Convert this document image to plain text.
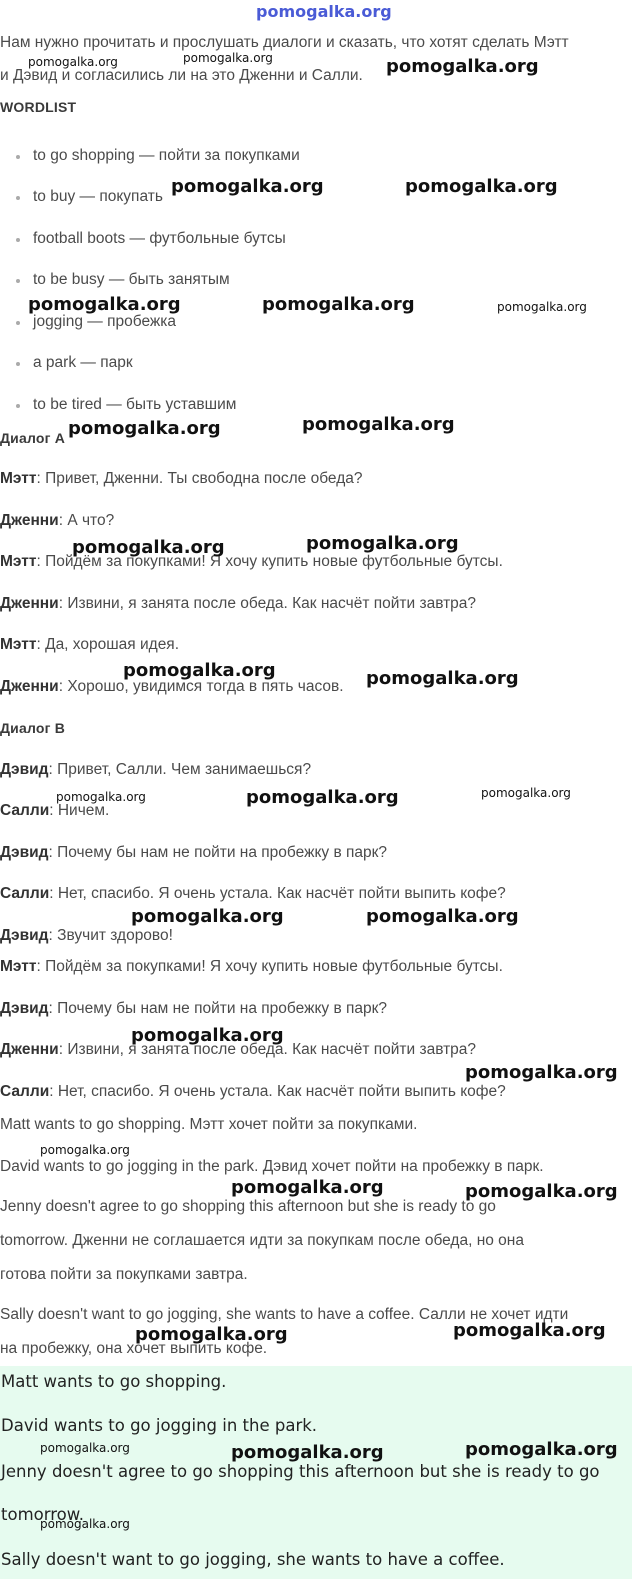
pomogalka.org
Нам нужно прочитать и прослушать диалоги и сказать, что хотят сделать Мэтт
и Дэвид и согласились ли на это Дженни и Салли.
WORDLIST
to go shopping — пойти за покупками
to buy — покупать
football boots — футбольные бутсы
to be busy — быть занятым
jogging — пробежка
a park — парк
to be tired — быть уставшим
Диалог А
Мэтт: Привет, Дженни. Ты свободна после обеда?
Дженни: А что?
Мэтт: Пойдём за покупками! Я хочу купить новые футбольные бутсы.
Дженни: Извини, я занята после обеда. Как насчёт пойти завтра?
Мэтт: Да, хорошая идея.
Дженни: Хорошо, увидимся тогда в пять часов.
Диалог В
Дэвид: Привет, Салли. Чем занимаешься?
Салли: Ничем.
Дэвид: Почему бы нам не пойти на пробежку в парк?
Салли: Нет, спасибо. Я очень устала. Как насчёт пойти выпить кофе?
Дэвид: Звучит здорово!
Мэтт: Пойдём за покупками! Я хочу купить новые футбольные бутсы.
Дэвид: Почему бы нам не пойти на пробежку в парк?
Дженни: Извини, я занята после обеда. Как насчёт пойти завтра?
Салли: Нет, спасибо. Я очень устала. Как насчёт пойти выпить кофе?
Matt wants to go shopping. Мэтт хочет пойти за покупками.
David wants to go jogging in the park. Дэвид хочет пойти на пробежку в парк.
Jenny doesn't agree to go shopping this afternoon but she is ready to go
tomorrow. Дженни не соглашается идти за покупкам после обеда, но она
готова пойти за покупками завтра.
Sally doesn't want to go jogging, she wants to have a coffee. Салли не хочет идти
на пробежку, она хочет выпить кофе.
Matt wants to go shopping.
David wants to go jogging in the park.
Jenny doesn't agree to go shopping this afternoon but she is ready to go
tomorrow.
Sally doesn't want to go jogging, she wants to have a coffee.
pomogalka.org	pomogalka.org	pomogalka.org
pomogalka.org	pomogalka.org
pomogalka.org	pomogalka.org	pomogalka.org
pomogalka.org	pomogalka.org
pomogalka.org	pomogalka.org
pomogalka.org	pomogalka.org
pomogalka.org	pomogalka.org	pomogalka.org
pomogalka.org	pomogalka.org
pomogalka.org
pomogalka.org
pomogalka.org
pomogalka.org	pomogalka.org
pomogalka.org	pomogalka.org
pomogalka.org	pomogalka.org	pomogalka.org
pomogalka.org
